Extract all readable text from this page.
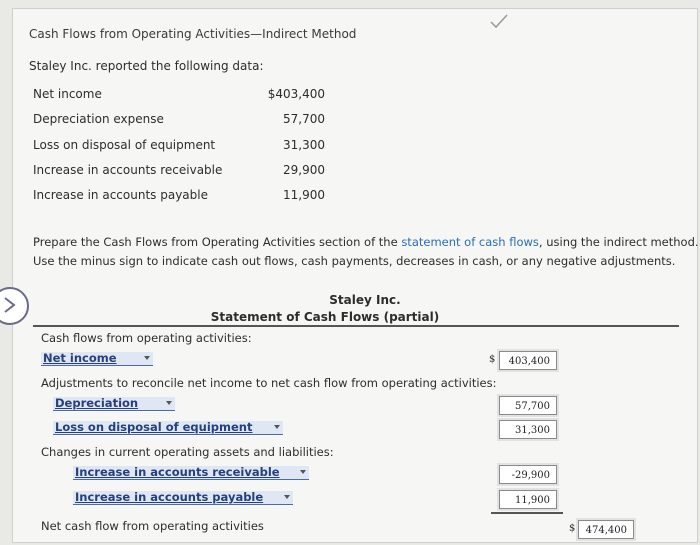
Cash Flows from Operating Activities—Indirect Method
Staley Inc. reported the following data:
Net income	$403,400
Depreciation expense	57,700
Loss on disposal of equipment	31,300
Increase in accounts receivable	29,900
Increase in accounts payable	11,900
Prepare the Cash Flows from Operating Activities section of the statement of cash flows, using the indirect method.
Use the minus sign to indicate cash out flows, cash payments, decreases in cash, or any negative adjustments.
Staley Inc.
Statement of Cash Flows (partial)
Cash flows from operating activities:
Net income	$	403,400
Adjustments to reconcile net income to net cash flow from operating activities:
Depreciation	57,700
Loss on disposal of equipment	31,300
Changes in current operating assets and liabilities:
Increase in accounts receivable	-29,900
Increase in accounts payable	11,900
Net cash flow from operating activities	$	474,400
